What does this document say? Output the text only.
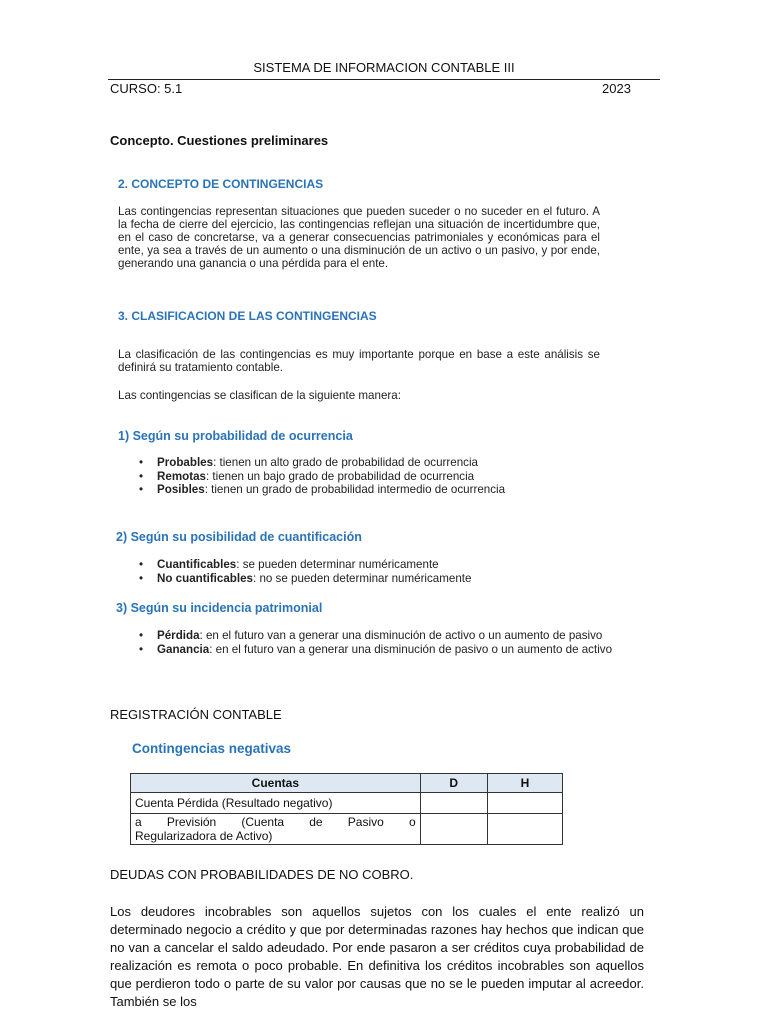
SISTEMA DE INFORMACION CONTABLE III
CURSO: 5.1	2023
Concepto. Cuestiones preliminares
2. CONCEPTO DE CONTINGENCIAS
Las contingencias representan situaciones que pueden suceder o no suceder en el futuro. A la fecha de cierre del ejercicio, las contingencias reflejan una situación de incertidumbre que, en el caso de concretarse, va a generar consecuencias patrimoniales y económicas para el ente, ya sea a través de un aumento o una disminución de un activo o un pasivo, y por ende, generando una ganancia o una pérdida para el ente.
3. CLASIFICACION DE LAS CONTINGENCIAS
La clasificación de las contingencias es muy importante porque en base a este análisis se definirá su tratamiento contable.
Las contingencias se clasifican de la siguiente manera:
1) Según su probabilidad de ocurrencia
• Probables: tienen un alto grado de probabilidad de ocurrencia
• Remotas: tienen un bajo grado de probabilidad de ocurrencia
• Posibles: tienen un grado de probabilidad intermedio de ocurrencia
2) Según su posibilidad de cuantificación
• Cuantificables: se pueden determinar numéricamente
• No cuantificables: no se pueden determinar numéricamente
3) Según su incidencia patrimonial
• Pérdida: en el futuro van a generar una disminución de activo o un aumento de pasivo
• Ganancia: en el futuro van a generar una disminución de pasivo o un aumento de activo
REGISTRACIÓN CONTABLE
Contingencias negativas
Cuentas	D	H
Cuenta Pérdida (Resultado negativo)		
a   Previsión   (Cuenta   de   Pasivo   o Regularizadora de Activo)		
DEUDAS CON PROBABILIDADES DE NO COBRO.
Los deudores incobrables son aquellos sujetos con los cuales el ente realizó un determinado negocio a crédito y que por determinadas razones hay hechos que indican que no van a cancelar el saldo adeudado. Por ende pasaron a ser créditos cuya probabilidad de realización es remota o poco probable. En definitiva los créditos incobrables son aquellos que perdieron todo o parte de su valor por causas que no se le pueden imputar al acreedor. También se los
